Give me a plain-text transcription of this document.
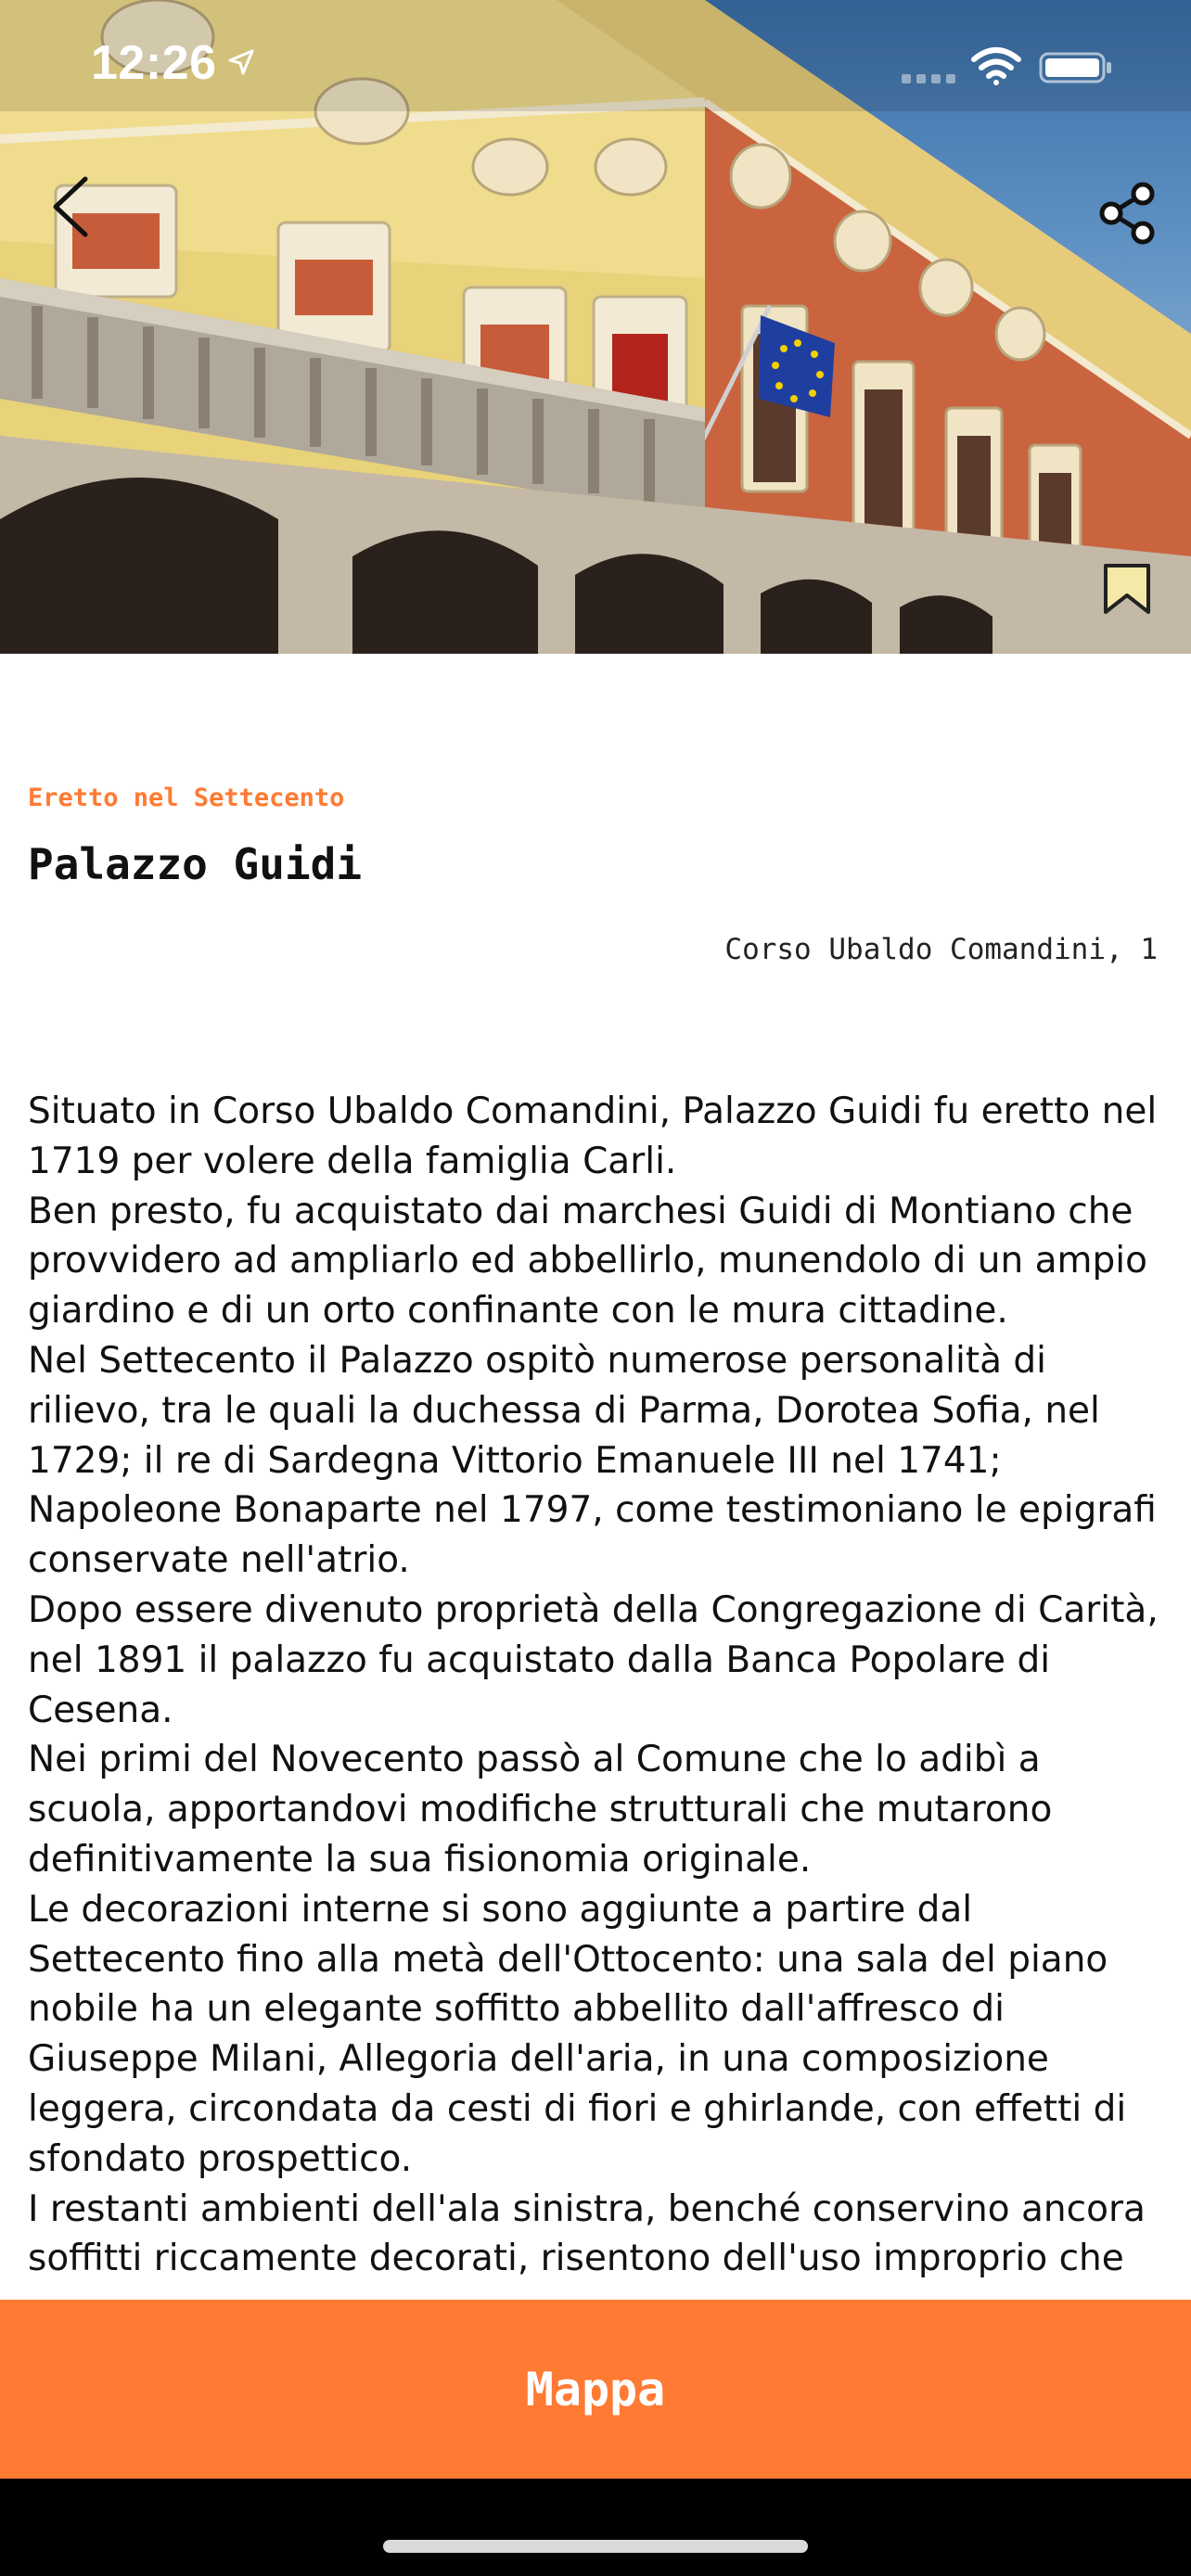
12:26
Eretto nel Settecento
Palazzo Guidi
Corso Ubaldo Comandini, 1

Situato in Corso Ubaldo Comandini, Palazzo Guidi fu eretto nel 1719 per volere della famiglia Carli.

Ben presto, fu acquistato dai marchesi Guidi di Montiano che provvidero ad ampliarlo ed abbellirlo, munendolo di un ampio giardino e di un orto confinante con le mura cittadine.

Nel Settecento il Palazzo ospitò numerose personalità di rilievo, tra le quali la duchessa di Parma, Dorotea Sofia, nel 1729; il re di Sardegna Vittorio Emanuele III nel 1741; Napoleone Bonaparte nel 1797, come testimoniano le epigrafi conservate nell'atrio.

Dopo essere divenuto proprietà della Congregazione di Carità, nel 1891 il palazzo fu acquistato dalla Banca Popolare di Cesena.

Nei primi del Novecento passò al Comune che lo adibì a scuola, apportandovi modifiche strutturali che mutarono definitivamente la sua fisionomia originale.

Le decorazioni interne si sono aggiunte a partire dal Settecento fino alla metà dell'Ottocento: una sala del piano nobile ha un elegante soffitto abbellito dall'affresco di Giuseppe Milani, Allegoria dell'aria, in una composizione leggera, circondata da cesti di fiori e ghirlande, con effetti di sfondato prospettico.

I restanti ambienti dell'ala sinistra, benché conservino ancora soffitti riccamente decorati, risentono dell'uso improprio che

Mappa
